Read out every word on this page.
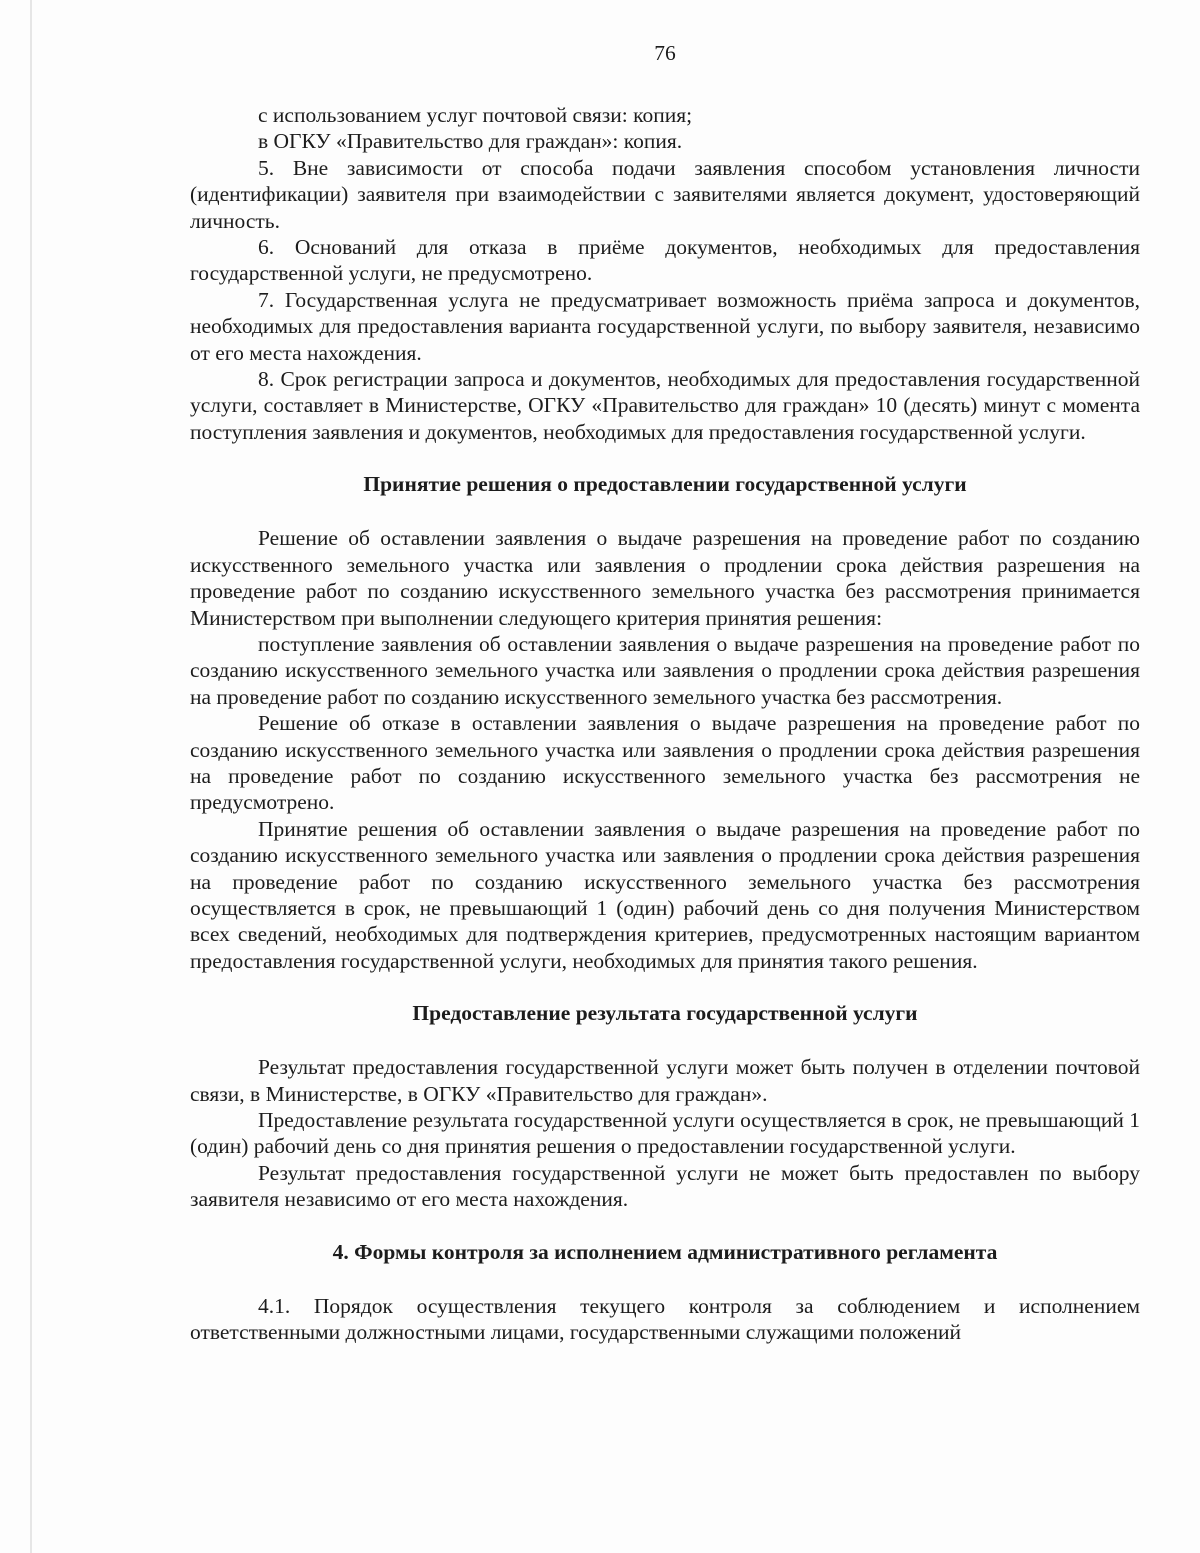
76

с использованием услуг почтовой связи: копия;

в ОГКУ «Правительство для граждан»: копия.

5. Вне зависимости от способа подачи заявления способом установления личности (идентификации) заявителя при взаимодействии с заявителями является документ, удостоверяющий личность.

6. Оснований для отказа в приёме документов, необходимых для предоставления государственной услуги, не предусмотрено.

7. Государственная услуга не предусматривает возможность приёма запроса и документов, необходимых для предоставления варианта государственной услуги, по выбору заявителя, независимо от его места нахождения.

8. Срок регистрации запроса и документов, необходимых для предоставления государственной услуги, составляет в Министерстве, ОГКУ «Правительство для граждан» 10 (десять) минут с момента поступления заявления и документов, необходимых для предоставления государственной услуги.

Принятие решения о предоставлении государственной услуги

Решение об оставлении заявления о выдаче разрешения на проведение работ по созданию искусственного земельного участка или заявления о продлении срока действия разрешения на проведение работ по созданию искусственного земельного участка без рассмотрения принимается Министерством при выполнении следующего критерия принятия решения:

поступление заявления об оставлении заявления о выдаче разрешения на проведение работ по созданию искусственного земельного участка или заявления о продлении срока действия разрешения на проведение работ по созданию искусственного земельного участка без рассмотрения.

Решение об отказе в оставлении заявления о выдаче разрешения на проведение работ по созданию искусственного земельного участка или заявления о продлении срока действия разрешения на проведение работ по созданию искусственного земельного участка без рассмотрения не предусмотрено.

Принятие решения об оставлении заявления о выдаче разрешения на проведение работ по созданию искусственного земельного участка или заявления о продлении срока действия разрешения на проведение работ по созданию искусственного земельного участка без рассмотрения осуществляется в срок, не превышающий 1 (один) рабочий день со дня получения Министерством всех сведений, необходимых для подтверждения критериев, предусмотренных настоящим вариантом предоставления государственной услуги, необходимых для принятия такого решения.

Предоставление результата государственной услуги

Результат предоставления государственной услуги может быть получен в отделении почтовой связи, в Министерстве, в ОГКУ «Правительство для граждан».

Предоставление результата государственной услуги осуществляется в срок, не превышающий 1 (один) рабочий день со дня принятия решения о предоставлении государственной услуги.

Результат предоставления государственной услуги не может быть предоставлен по выбору заявителя независимо от его места нахождения.

4. Формы контроля за исполнением административного регламента

4.1. Порядок осуществления текущего контроля за соблюдением и исполнением ответственными должностными лицами, государственными служащими положений
